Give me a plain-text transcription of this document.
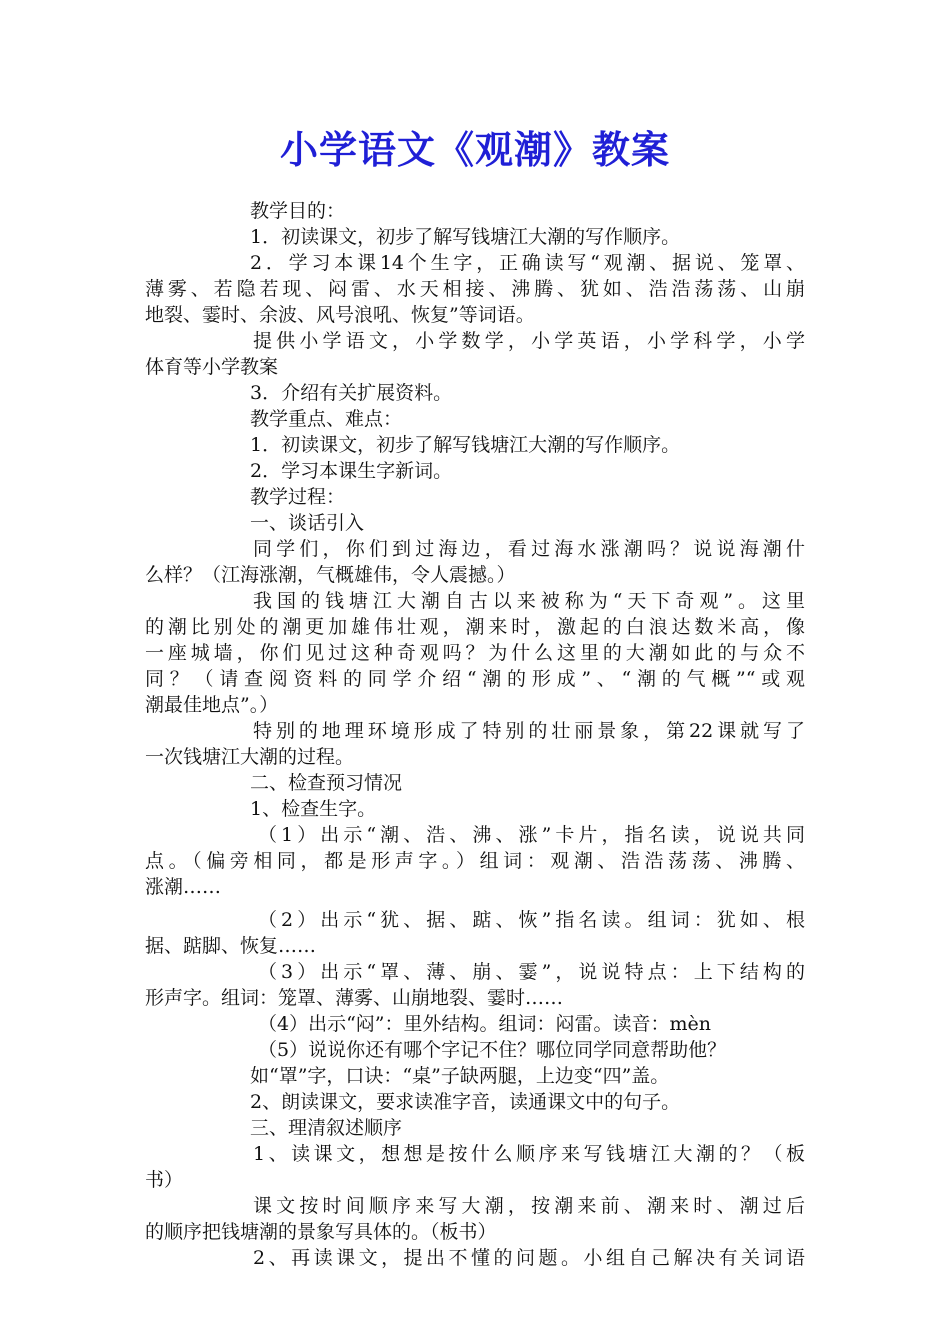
小学语文《观潮》教案
教学目的：
1．初读课文，初步了解写钱塘江大潮的写作顺序。
2．学习本课14个生字，正确读写“观潮、据说、笼罩、
薄雾、若隐若现、闷雷、水天相接、沸腾、犹如、浩浩荡荡、山崩
地裂、霎时、余波、风号浪吼、恢复”等词语。
提供小学语文，小学数学，小学英语，小学科学，小学
体育等小学教案
3．介绍有关扩展资料。
教学重点、难点：
1．初读课文，初步了解写钱塘江大潮的写作顺序。
2．学习本课生字新词。
教学过程：
一、谈话引入
同学们，你们到过海边，看过海水涨潮吗？说说海潮什
么样？（江海涨潮，气概雄伟，令人震撼。）
我国的钱塘江大潮自古以来被称为“天下奇观”。这里
的潮比别处的潮更加雄伟壮观，潮来时，激起的白浪达数米高，像
一座城墙，你们见过这种奇观吗？为什么这里的大潮如此的与众不
同？（请查阅资料的同学介绍“潮的形成”、“潮的气概”“或观
潮最佳地点”。）
特别的地理环境形成了特别的壮丽景象，第22课就写了
一次钱塘江大潮的过程。
二、检查预习情况
1、检查生字。
（1）出示“潮、浩、沸、涨”卡片，指名读，说说共同
点。（偏旁相同，都是形声字。）组词：观潮、浩浩荡荡、沸腾、
涨潮……
（2）出示“犹、据、踮、恢”指名读。组词：犹如、根
据、踮脚、恢复……
（3）出示“罩、薄、崩、霎”，说说特点：上下结构的
形声字。组词：笼罩、薄雾、山崩地裂、霎时……
（4）出示“闷”：里外结构。组词：闷雷。读音：mèn
（5）说说你还有哪个字记不住？哪位同学同意帮助他？
如“罩”字，口诀：“桌”子缺两腿，上边变“四”盖。
2、朗读课文，要求读准字音，读通课文中的句子。
三、理清叙述顺序
1、读课文，想想是按什么顺序来写钱塘江大潮的？（板
书）
课文按时间顺序来写大潮，按潮来前、潮来时、潮过后
的顺序把钱塘潮的景象写具体的。（板书）
2、再读课文，提出不懂的问题。小组自己解决有关词语
